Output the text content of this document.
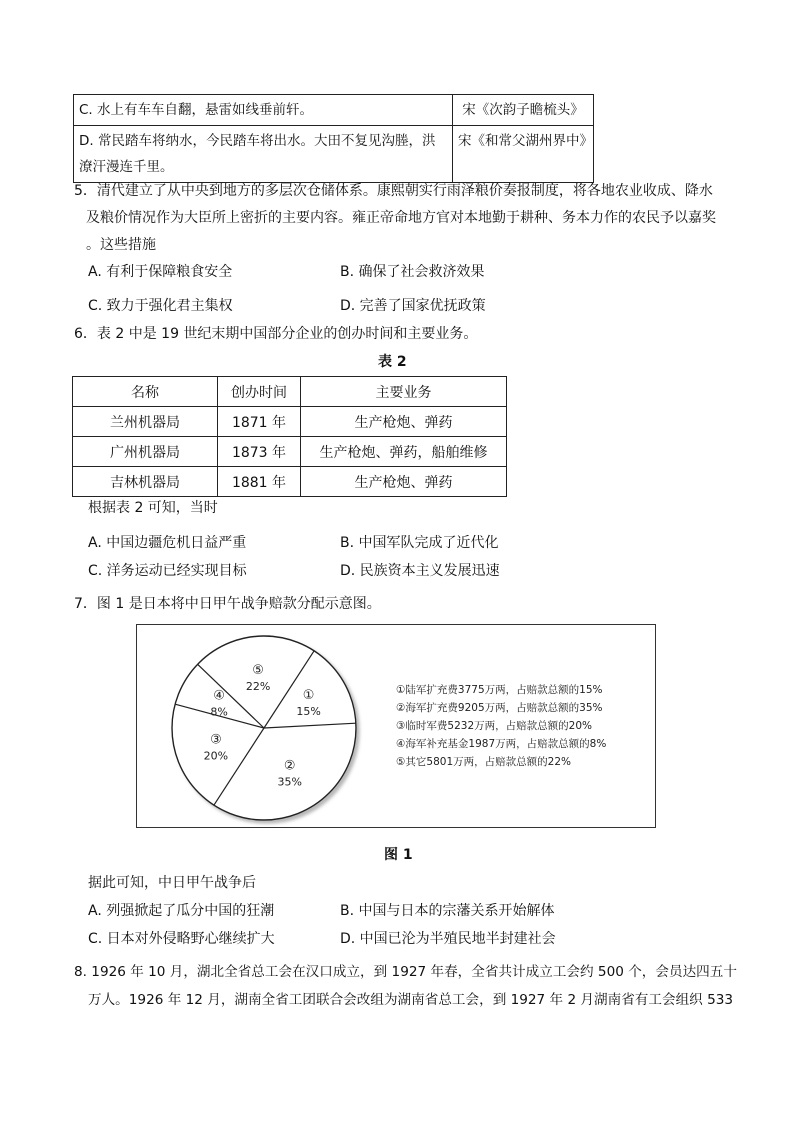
C. 水上有车车自翻，悬雷如线垂前轩。	宋《次韵子瞻梳头》

D. 常民踏车将纳水，今民踏车将出水。大田不复见沟塍，洪
潦汗漫连千里。	宋《和常父湖州界中》
5．清代建立了从中央到地方的多层次仓储体系。康熙朝实行雨泽粮价奏报制度，将各地农业收成、降水
及粮价情况作为大臣所上密折的主要内容。雍正帝命地方官对本地勤于耕种、务本力作的农民予以嘉奖
。这些措施
A. 有利于保障粮食安全	B. 确保了社会救济效果
C. 致力于强化君主集权	D. 完善了国家优抚政策
6．表 2 中是 19 世纪末期中国部分企业的创办时间和主要业务。
表 2
名称	创办时间	主要业务
兰州机器局	1871 年	生产枪炮、弹药
广州机器局	1873 年	生产枪炮、弹药，船舶维修
吉林机器局	1881 年	生产枪炮、弹药
根据表 2 可知，当时
A. 中国边疆危机日益严重	B. 中国军队完成了近代化
C. 洋务运动已经实现目标	D. 民族资本主义发展迅速
7．图 1 是日本将中日甲午战争赔款分配示意图。
①
15%
②
35%
③
20%
④
8%
⑤
22%	①陆军扩充费3775万两，占赔款总额的15%
②海军扩充费9205万两，占赔款总额的35%
③临时军费5232万两，占赔款总额的20%
④海军补充基金1987万两，占赔款总额的8%
⑤其它5801万两，占赔款总额的22%
图 1
据此可知，中日甲午战争后
A. 列强掀起了瓜分中国的狂潮	B. 中国与日本的宗藩关系开始解体
C. 日本对外侵略野心继续扩大	D. 中国已沦为半殖民地半封建社会
8. 1926 年 10 月，湖北全省总工会在汉口成立，到 1927 年春，全省共计成立工会约 500 个，会员达四五十
万人。1926 年 12 月，湖南全省工团联合会改组为湖南省总工会，到 1927 年 2 月湖南省有工会组织 533
